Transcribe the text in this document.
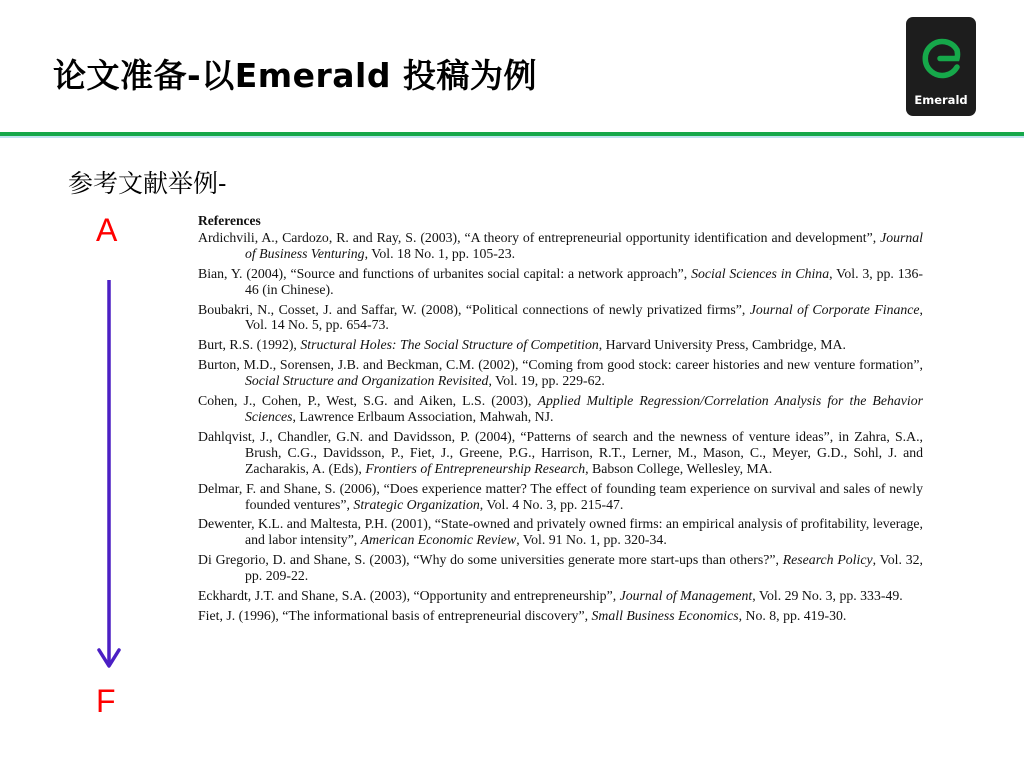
论文准备-以Emerald 投稿为例
Emerald
参考文献举例-
A
F
References
Ardichvili, A., Cardozo, R. and Ray, S. (2003), “A theory of entrepreneurial opportunity identification and development”, Journal of Business Venturing, Vol. 18 No. 1, pp. 105-23.
Bian, Y. (2004), “Source and functions of urbanites social capital: a network approach”, Social Sciences in China, Vol. 3, pp. 136-46 (in Chinese).
Boubakri, N., Cosset, J. and Saffar, W. (2008), “Political connections of newly privatized firms”, Journal of Corporate Finance, Vol. 14 No. 5, pp. 654-73.
Burt, R.S. (1992), Structural Holes: The Social Structure of Competition, Harvard University Press, Cambridge, MA.
Burton, M.D., Sorensen, J.B. and Beckman, C.M. (2002), “Coming from good stock: career histories and new venture formation”, Social Structure and Organization Revisited, Vol. 19, pp. 229-62.
Cohen, J., Cohen, P., West, S.G. and Aiken, L.S. (2003), Applied Multiple Regression/Correlation Analysis for the Behavior Sciences, Lawrence Erlbaum Association, Mahwah, NJ.
Dahlqvist, J., Chandler, G.N. and Davidsson, P. (2004), “Patterns of search and the newness of venture ideas”, in Zahra, S.A., Brush, C.G., Davidsson, P., Fiet, J., Greene, P.G., Harrison, R.T., Lerner, M., Mason, C., Meyer, G.D., Sohl, J. and Zacharakis, A. (Eds), Frontiers of Entrepreneurship Research, Babson College, Wellesley, MA.
Delmar, F. and Shane, S. (2006), “Does experience matter? The effect of founding team experience on survival and sales of newly founded ventures”, Strategic Organization, Vol. 4 No. 3, pp. 215-47.
Dewenter, K.L. and Maltesta, P.H. (2001), “State-owned and privately owned firms: an empirical analysis of profitability, leverage, and labor intensity”, American Economic Review, Vol. 91 No. 1, pp. 320-34.
Di Gregorio, D. and Shane, S. (2003), “Why do some universities generate more start-ups than others?”, Research Policy, Vol. 32, pp. 209-22.
Eckhardt, J.T. and Shane, S.A. (2003), “Opportunity and entrepreneurship”, Journal of Management, Vol. 29 No. 3, pp. 333-49.
Fiet, J. (1996), “The informational basis of entrepreneurial discovery”, Small Business Economics, No. 8, pp. 419-30.
